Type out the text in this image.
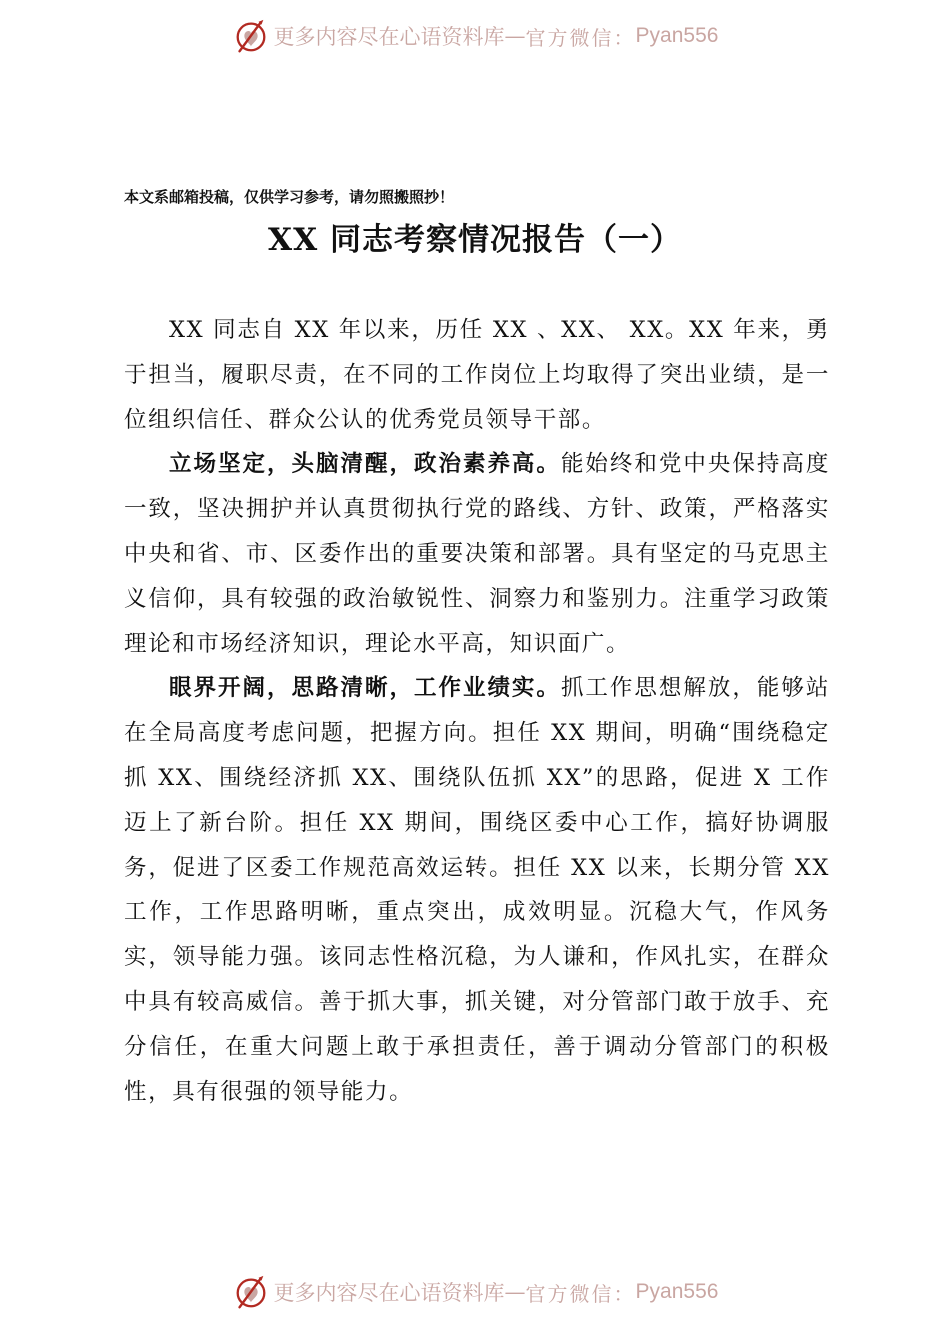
更多内容尽在心语资料库 — 官方微信： Pyan556
本文系邮箱投稿，仅供学习参考，请勿照搬照抄！
XX 同志考察情况报告（一）

XX 同志自 XX 年以来，历任 XX 、XX、 XX。XX 年来，勇于担当，履职尽责，在不同的工作岗位上均取得了突出业绩，是一位组织信任、群众公认的优秀党员领导干部。

立场坚定，头脑清醒，政治素养高。能始终和党中央保持高度一致，坚决拥护并认真贯彻执行党的路线、方针、政策，严格落实中央和省、市、区委作出的重要决策和部署。具有坚定的马克思主义信仰，具有较强的政治敏锐性、洞察力和鉴别力。注重学习政策理论和市场经济知识，理论水平高，知识面广。

眼界开阔，思路清晰，工作业绩实。抓工作思想解放，能够站在全局高度考虑问题，把握方向。担任 XX 期间，明确“围绕稳定抓 XX、围绕经济抓 XX、围绕队伍抓 XX”的思路，促进 X 工作迈上了新台阶。担任 XX 期间，围绕区委中心工作，搞好协调服务，促进了区委工作规范高效运转。担任 XX 以来，长期分管 XX 工作，工作思路明晰，重点突出，成效明显。沉稳大气，作风务实，领导能力强。该同志性格沉稳，为人谦和，作风扎实，在群众中具有较高威信。善于抓大事，抓关键，对分管部门敢于放手、充分信任，在重大问题上敢于承担责任，善于调动分管部门的积极性，具有很强的领导能力。

更多内容尽在心语资料库 — 官方微信： Pyan556
